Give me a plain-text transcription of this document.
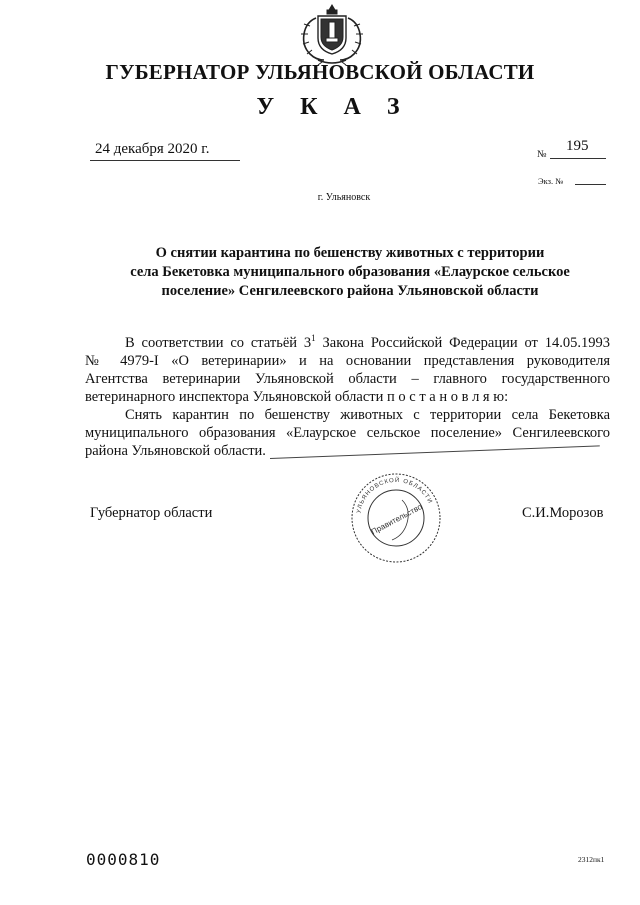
ГУБЕРНАТОР УЛЬЯНОВСКОЙ ОБЛАСТИ
У К А З
24 декабря 2020 г.	№
195
Экз. №
г. Ульяновск
О снятии карантина по бешенству животных с территории
села Бекетовка муниципального образования «Елаурское сельское
поселение» Сенгилеевского района Ульяновской области
В соответствии со статьёй $3^1$ Закона Российской Федерации от 14.05.1993
№ 4979-I «О ветеринарии» и на основании представления руководителя
Агентства ветеринарии Ульяновской области – главного государственного
ветеринарного инспектора Ульяновской области п о с т а н о в л я ю:
Снять карантин по бешенству животных с территории села Бекетовка
муниципального образования «Елаурское сельское поселение» Сенгилеевского
района Ульяновской области.
Губернатор области	С.И.Морозов
УЛЬЯНОВСКОЙ ОБЛАСТИ
Правительство
0000810	2312пк1
